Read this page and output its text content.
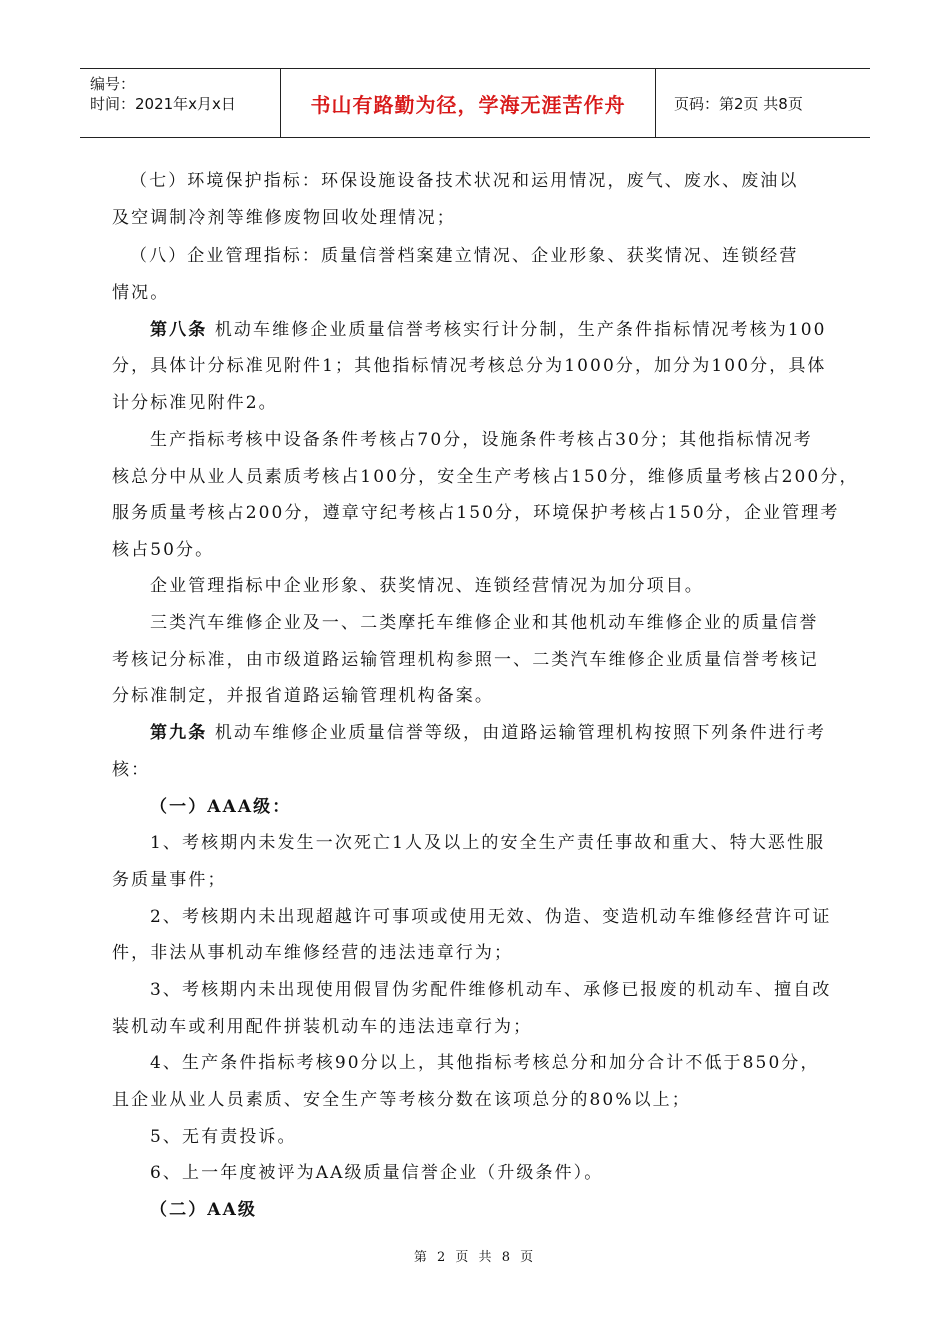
编号：
时间：2021年x月x日	书山有路勤为径，学海无涯苦作舟	页码：第2页 共8页
（七）环境保护指标：环保设施设备技术状况和运用情况，废气、废水、废油以
及空调制冷剂等维修废物回收处理情况；
（八）企业管理指标：质量信誉档案建立情况、企业形象、获奖情况、连锁经营
情况。
第八条 机动车维修企业质量信誉考核实行计分制，生产条件指标情况考核为100
分，具体计分标准见附件1；其他指标情况考核总分为1000分，加分为100分，具体
计分标准见附件2。
生产指标考核中设备条件考核占70分，设施条件考核占30分；其他指标情况考
核总分中从业人员素质考核占100分，安全生产考核占150分，维修质量考核占200分，
服务质量考核占200分，遵章守纪考核占150分，环境保护考核占150分，企业管理考
核占50分。
企业管理指标中企业形象、获奖情况、连锁经营情况为加分项目。
三类汽车维修企业及一、二类摩托车维修企业和其他机动车维修企业的质量信誉
考核记分标准，由市级道路运输管理机构参照一、二类汽车维修企业质量信誉考核记
分标准制定，并报省道路运输管理机构备案。
第九条 机动车维修企业质量信誉等级，由道路运输管理机构按照下列条件进行考
核：
（一）AAA级：
1、考核期内未发生一次死亡1人及以上的安全生产责任事故和重大、特大恶性服
务质量事件；
2、考核期内未出现超越许可事项或使用无效、伪造、变造机动车维修经营许可证
件，非法从事机动车维修经营的违法违章行为；
3、考核期内未出现使用假冒伪劣配件维修机动车、承修已报废的机动车、擅自改
装机动车或利用配件拼装机动车的违法违章行为；
4、生产条件指标考核90分以上，其他指标考核总分和加分合计不低于850分，
且企业从业人员素质、安全生产等考核分数在该项总分的80%以上；
5、无有责投诉。
6、上一年度被评为AA级质量信誉企业（升级条件）。
（二）AA级
第 2 页 共 8 页
